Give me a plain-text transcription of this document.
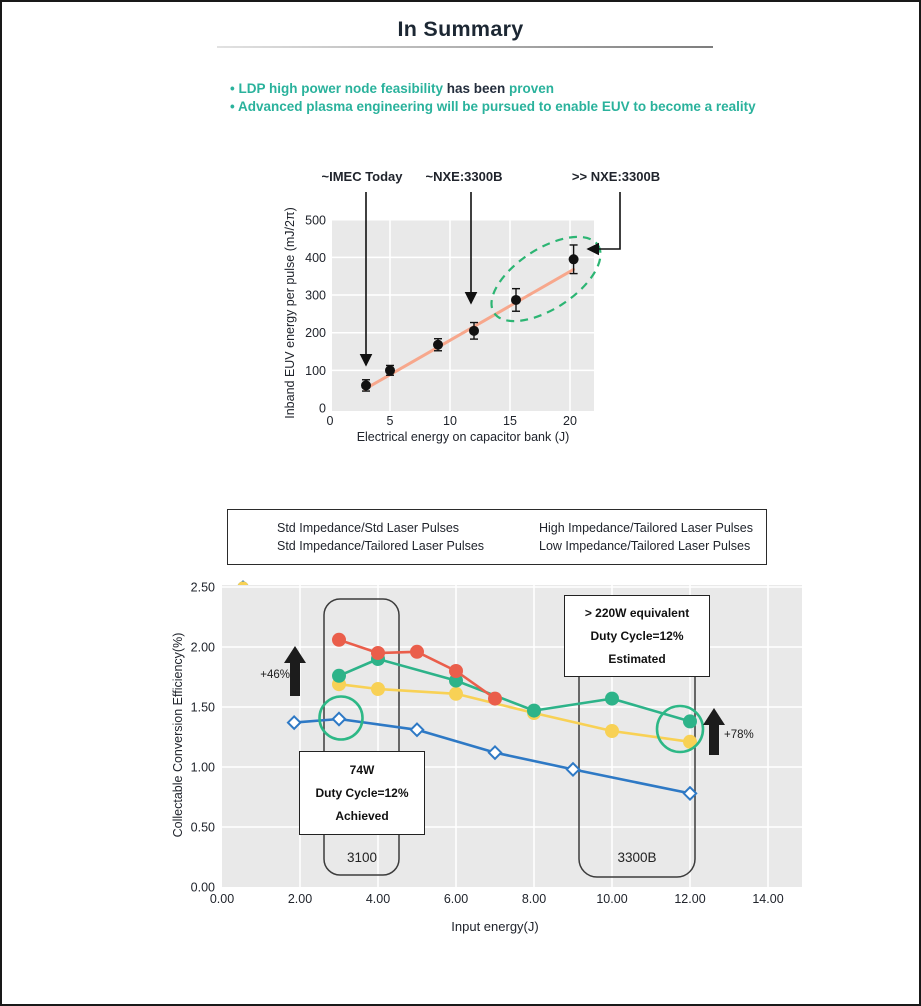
In Summary
• LDP high power node feasibility has been proven
• Advanced plasma engineering will be pursued to enable EUV to become a reality
~IMEC Today ~NXE:3300B	>> NXE:3300B
0	5	10	15	20
0
100
200
300
400
500
Inband EUV energy per pulse (mJ/2π)
Electrical energy on capacitor bank (J)
Std Impedance/Std Laser Pulses	High Impedance/Tailored Laser Pulses
Std Impedance/Tailored Laser Pulses	Low Impedance/Tailored Laser Pulses
0.00	2.00	4.00	6.00	8.00	10.00	12.00	14.00
0.00
0.50
1.00
1.50
2.00
2.50
+46%
+78%
74W
Duty Cycle=12%
Achieved
> 220W equivalent
Duty Cycle=12%
Estimated
3100	3300B
Collectable Conversion Efficiency(%)
Input energy(J)
